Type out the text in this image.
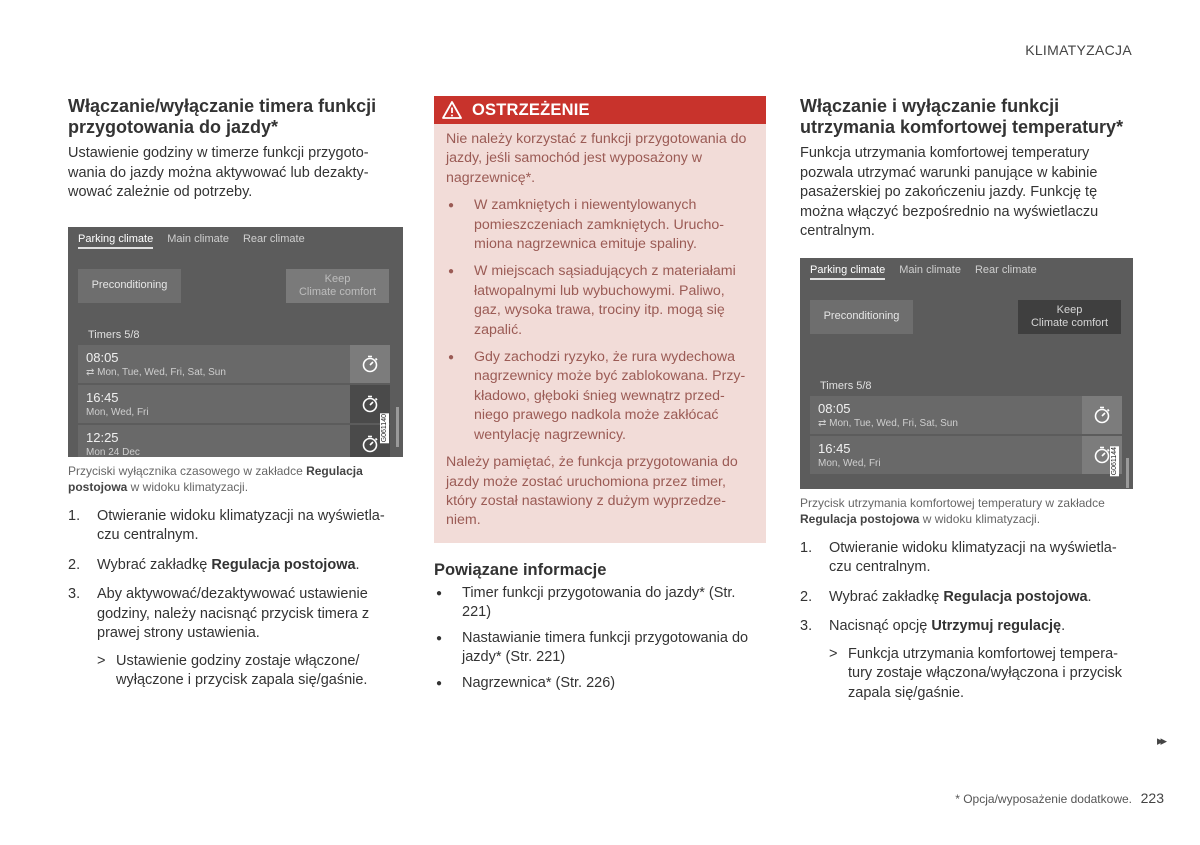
KLIMATYZACJA
Włączanie/wyłączanie timera funkcji przygotowania do jazdy*

Ustawienie godziny w timerze funkcji przygoto-wania do jazdy można aktywować lub dezakty-wować zależnie od potrzeby.

Parking climate Main climate Rear climate
Preconditioning
Keep
Climate comfort
Timers 5/8
08:05
⇄ Mon, Tue, Wed, Fri, Sat, Sun
16:45
Mon, Wed, Fri
12:25
Mon 24 Dec
G061140
Przyciski wyłącznika czasowego w zakładce Regulacja postojowa w widoku klimatyzacji.
1. Otwieranie widoku klimatyzacji na wyświetla-czu centralnym.
2. Wybrać zakładkę Regulacja postojowa.
3. Aby aktywować/dezaktywować ustawienie godziny, należy nacisnąć przycisk timera z prawej strony ustawienia.
> Ustawienie godziny zostaje włączone/ wyłączone i przycisk zapala się/gaśnie.
OSTRZEŻENIE

Nie należy korzystać z funkcji przygotowania do jazdy, jeśli samochód jest wyposażony w nagrzewnicę*.

● W zamkniętych i niewentylowanych pomieszczeniach zamkniętych. Urucho-miona nagrzewnica emituje spaliny.
● W miejscach sąsiadujących z materiałami łatwopalnymi lub wybuchowymi. Paliwo, gaz, wysoka trawa, trociny itp. mogą się zapalić.
● Gdy zachodzi ryzyko, że rura wydechowa nagrzewnicy może być zablokowana. Przy-kładowo, głęboki śnieg wewnątrz przed-niego prawego nadkola może zakłócać wentylację nagrzewnicy.

Należy pamiętać, że funkcja przygotowania do jazdy może zostać uruchomiona przez timer, który został nastawiony z dużym wyprzedze-niem.

Powiązane informacje
● Timer funkcji przygotowania do jazdy* (Str. 221)
● Nastawianie timera funkcji przygotowania do jazdy* (Str. 221)
● Nagrzewnica* (Str. 226)
Włączanie i wyłączanie funkcji utrzymania komfortowej temperatury*

Funkcja utrzymania komfortowej temperatury pozwala utrzymać warunki panujące w kabinie pasażerskiej po zakończeniu jazdy. Funkcję tę można włączyć bezpośrednio na wyświetlaczu centralnym.

Parking climate Main climate Rear climate
Preconditioning
Keep
Climate comfort
Timers 5/8
08:05
⇄ Mon, Tue, Wed, Fri, Sat, Sun
16:45
Mon, Wed, Fri	G061144
Przycisk utrzymania komfortowej temperatury w zakładce Regulacja postojowa w widoku klimatyzacji.
1. Otwieranie widoku klimatyzacji na wyświetla-czu centralnym.
2. Wybrać zakładkę Regulacja postojowa.
3. Nacisnąć opcję Utrzymuj regulację.
> Funkcja utrzymania komfortowej tempera-tury zostaje włączona/wyłączona i przycisk zapala się/gaśnie.
▸▸
* Opcja/wyposażenie dodatkowe. 223
